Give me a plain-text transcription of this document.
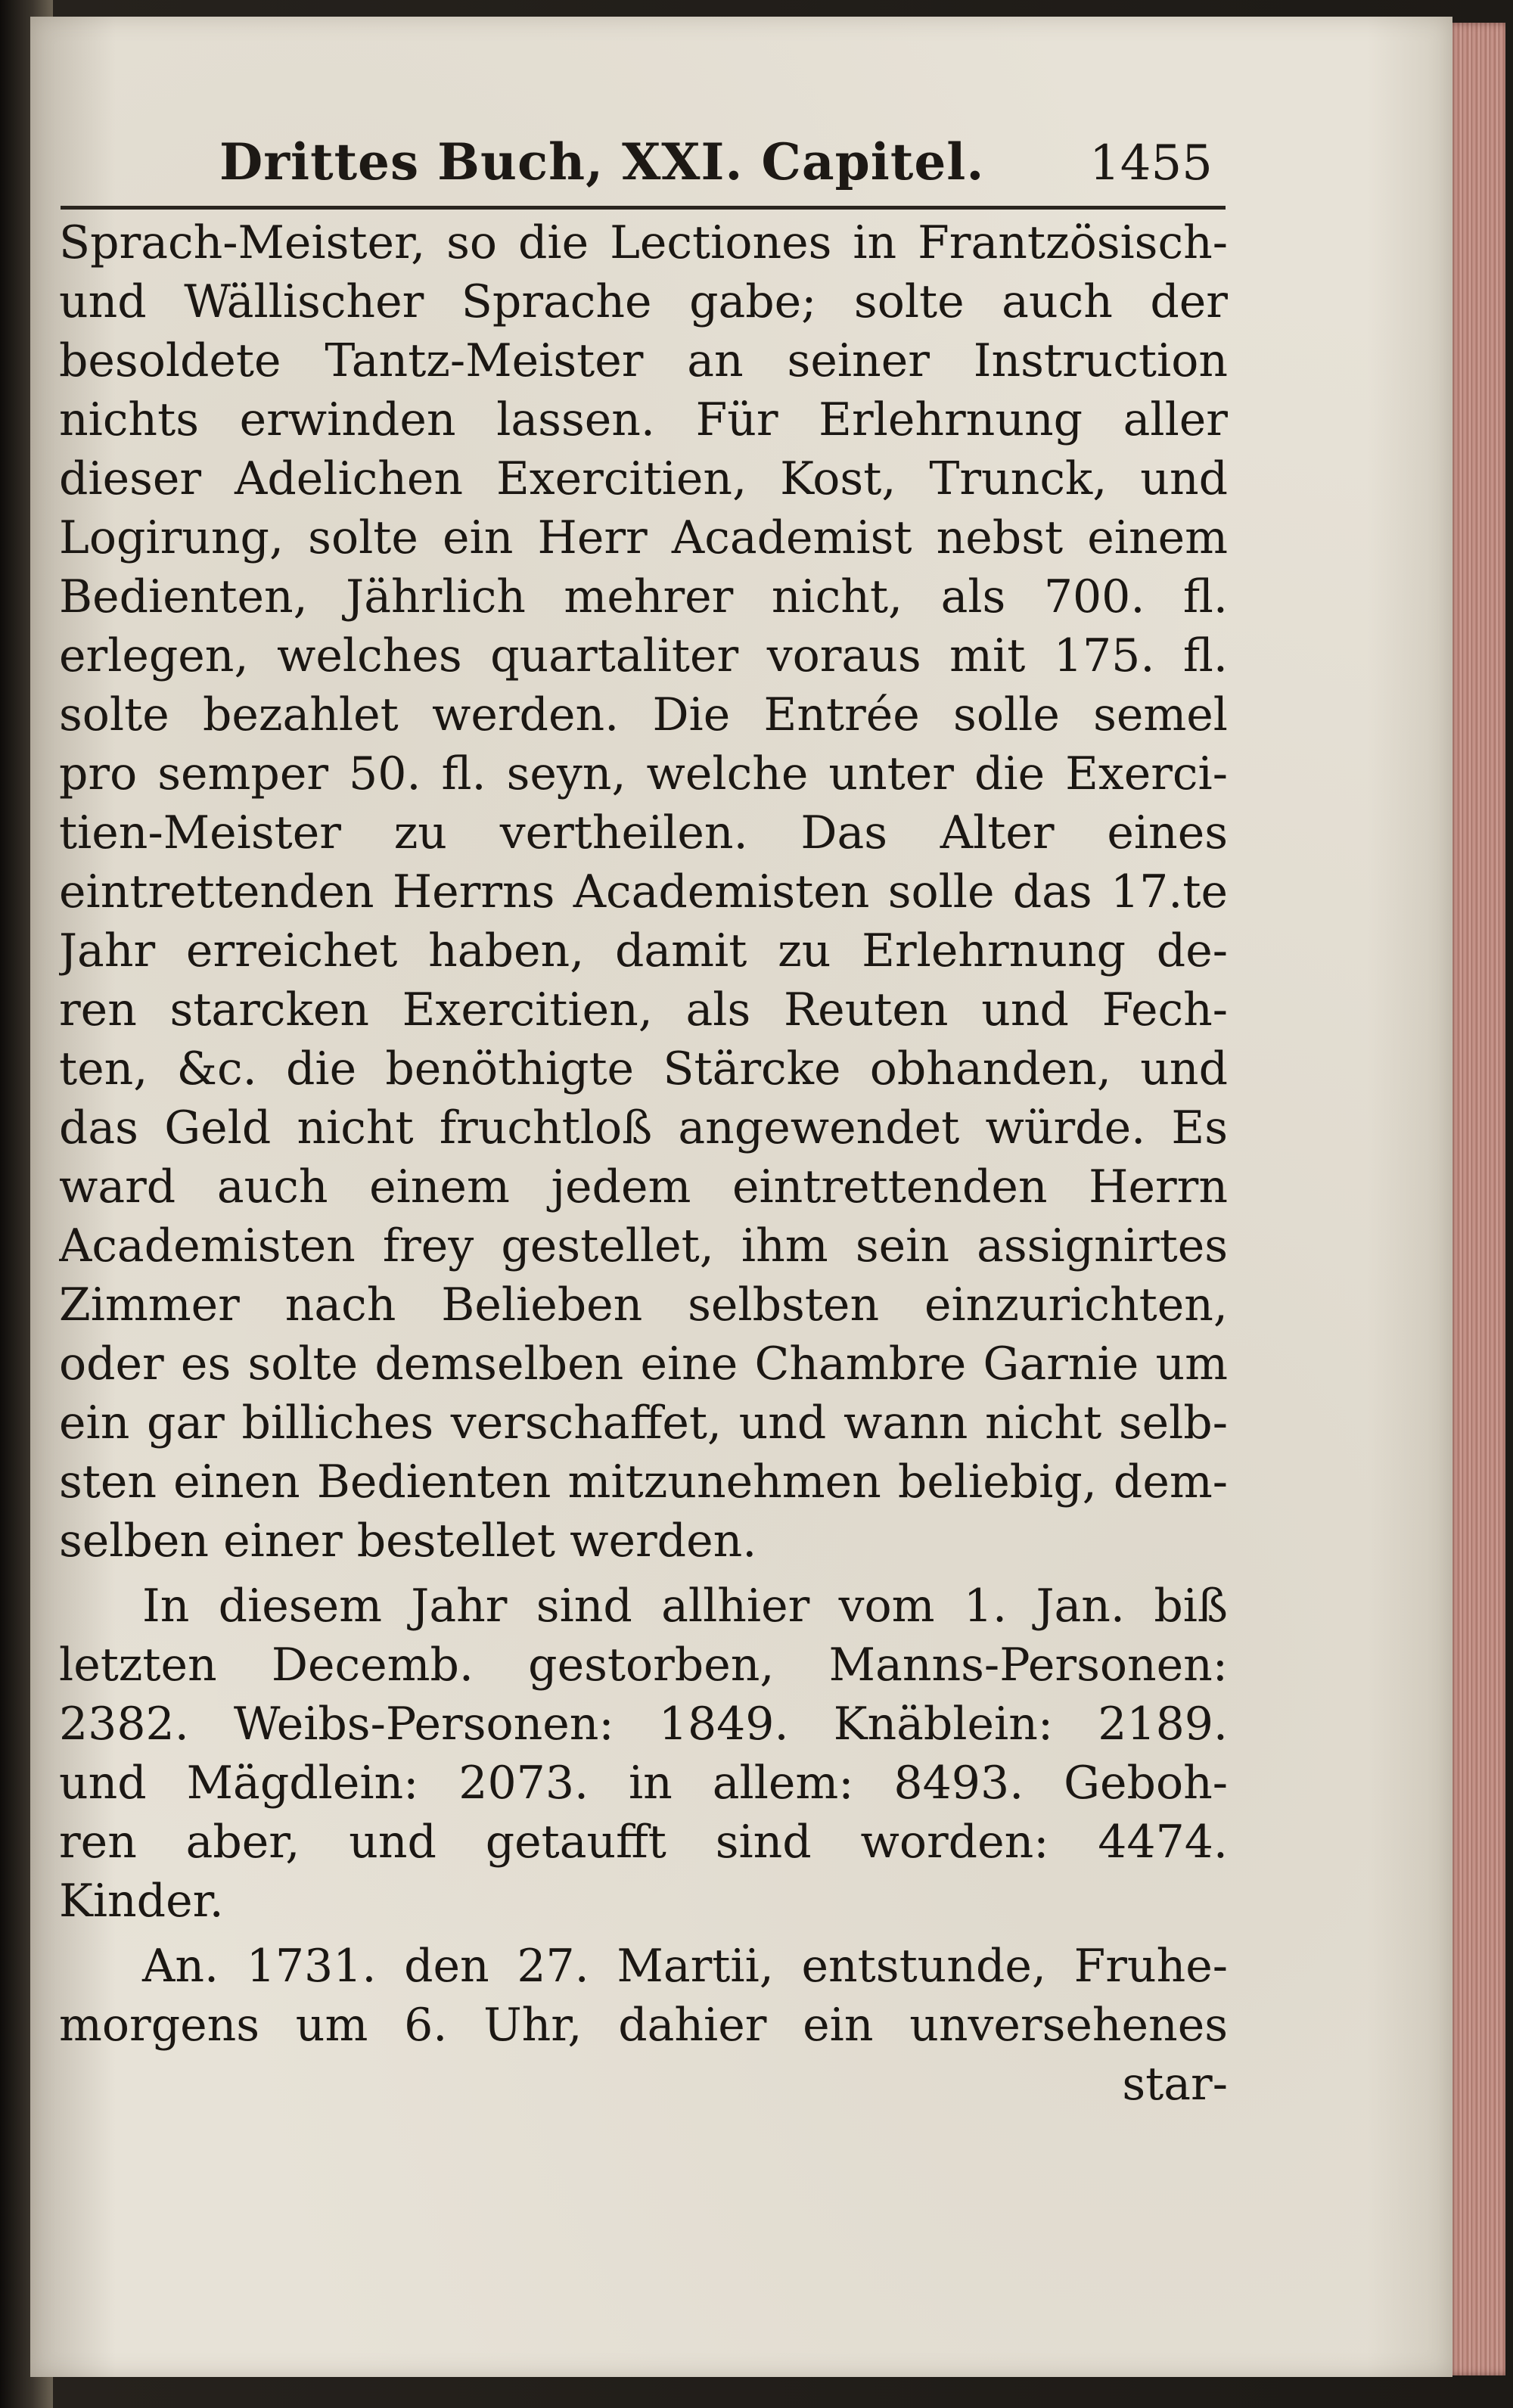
Drittes Buch, XXI. Capitel. 1455
Sprach-Meister, so die Lectiones in Frantzösisch-
und Wällischer Sprache gabe; solte auch der
besoldete Tantz-Meister an seiner Instruction
nichts erwinden lassen. Für Erlehrnung aller
dieser Adelichen Exercitien, Kost, Trunck, und
Logirung, solte ein Herr Academist nebst einem
Bedienten, Jährlich mehrer nicht, als 700. fl.
erlegen, welches quartaliter voraus mit 175. fl.
solte bezahlet werden. Die Entrée solle semel
pro semper 50. fl. seyn, welche unter die Exerci-
tien-Meister zu vertheilen. Das Alter eines
eintrettenden Herrns Academisten solle das 17.te
Jahr erreichet haben, damit zu Erlehrnung de-
ren starcken Exercitien, als Reuten und Fech-
ten, &c. die benöthigte Stärcke obhanden, und
das Geld nicht fruchtloß angewendet würde. Es
ward auch einem jedem eintrettenden Herrn
Academisten frey gestellet, ihm sein assignirtes
Zimmer nach Belieben selbsten einzurichten,
oder es solte demselben eine Chambre Garnie um
ein gar billiches verschaffet, und wann nicht selb-
sten einen Bedienten mitzunehmen beliebig, dem-
selben einer bestellet werden.
In diesem Jahr sind allhier vom 1. Jan. biß
letzten Decemb. gestorben, Manns-Personen:
2382. Weibs-Personen: 1849. Knäblein: 2189.
und Mägdlein: 2073. in allem: 8493. Geboh-
ren aber, und getaufft sind worden: 4474.
Kinder.
An. 1731. den 27. Martii, entstunde, Fruhe-
morgens um 6. Uhr, dahier ein unversehenes
star-
